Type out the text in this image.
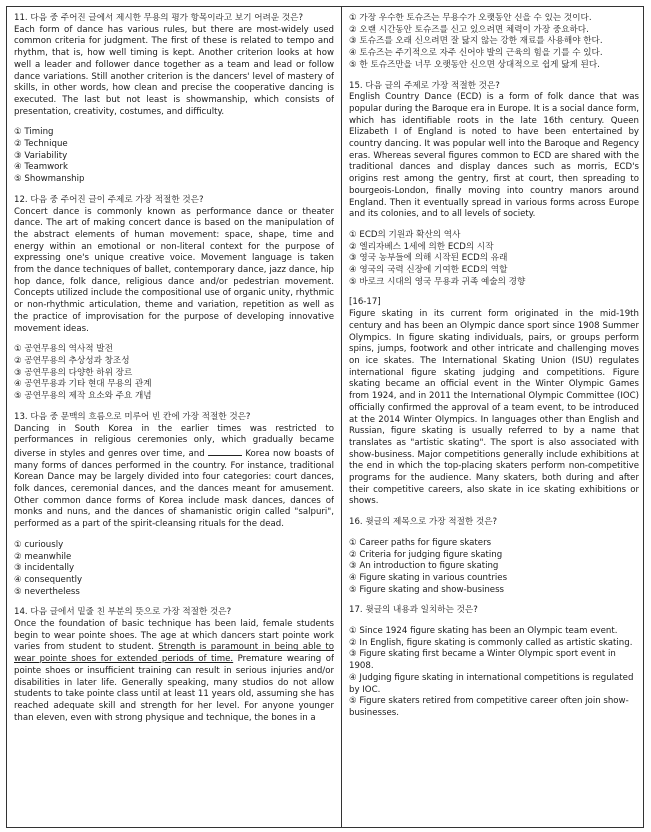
11. 다음 중 주어진 글에서 제시한 무용의 평가 항목이라고 보기 어려운 것은?

Each form of dance has various rules, but there are most-widely used common criteria for judgment. The first of these is related to tempo and rhythm, that is, how well timing is kept. Another criterion looks at how well a leader and follower dance together as a team and lead or follow dance variations. Still another criterion is the dancers' level of mastery of skills, in other words, how clean and precise the cooperative dancing is executed. The last but not least is showmanship, which consists of presentation, creativity, costumes, and difficulty.

① Timing
② Technique
③ Variability
④ Teamwork
⑤ Showmanship

12. 다음 중 주어진 글이 주제로 가장 적절한 것은?

Concert dance is commonly known as performance dance or theater dance. The art of making concert dance is based on the manipulation of the abstract elements of human movement: space, shape, time and energy within an emotional or non-literal context for the purpose of expressing one's unique creative voice. Movement language is taken from the dance techniques of ballet, contemporary dance, jazz dance, hip hop dance, folk dance, religious dance and/or pedestrian movement. Concepts utilized include the compositional use of organic unity, rhythmic or non-rhythmic articulation, theme and variation, repetition as well as the practice of improvisation for the purpose of developing innovative movement ideas.

① 공연무용의 역사적 발전
② 공연무용의 추상성과 창조성
③ 공연무용의 다양한 하위 장르
④ 공연무용과 기타 현대 무용의 관계
⑤ 공연무용의 제작 요소와 주요 개념

13. 다음 중 문맥의 흐름으로 미루어 빈 칸에 가장 적절한 것은?

Dancing in South Korea in the earlier times was restricted to performances in religious ceremonies only, which gradually became diverse in styles and genres over time, and	Korea now boasts of many forms of dances performed in the country. For instance, traditional Korean Dance may be largely divided into four categories: court dances, folk dances, ceremonial dances, and the dances meant for amusement. Other common dance forms of Korea include mask dances, dances of monks and nuns, and the dances of shamanistic origin called "salpuri", performed as a part of the spirit-cleansing rituals for the dead.

① curiously
② meanwhile
③ incidentally
④ consequently
⑤ nevertheless

14. 다음 글에서 밑줄 친 부분의 뜻으로 가장 적절한 것은?

Once the foundation of basic technique has been laid, female students begin to wear pointe shoes. The age at which dancers start pointe work varies from student to student. Strength is paramount in being able to wear pointe shoes for extended periods of time. Premature wearing of pointe shoes or insufficient training can result in serious injuries and/or disabilities in later life. Generally speaking, many studios do not allow students to take pointe class until at least 11 years old, assuming she has reached adequate skill and strength for her level. For anyone younger than eleven, even with strong physique and technique, the bones in a

① 가장 우수한 토슈즈는 무용수가 오랫동안 신을 수 있는 것이다.
② 오랜 시간동안 토슈즈를 신고 있으려면 체력이 가장 중요하다.
③ 토슈즈를 오래 신으려면 잘 닳지 않는 강한 재료를 사용해야 한다.
④ 토슈즈는 주기적으로 자주 신어야 발의 근육의 힘을 기를 수 있다.
⑤ 한 토슈즈만을 너무 오랫동안 신으면 상대적으로 쉽게 닳게 된다.

15. 다음 글의 주제로 가장 적절한 것은?

English Country Dance (ECD) is a form of folk dance that was popular during the Baroque era in Europe. It is a social dance form, which has identifiable roots in the late 16th century. Queen Elizabeth I of England is noted to have been entertained by country dancing. It was popular well into the Baroque and Regency eras. Whereas several figures common to ECD are shared with the traditional dances and display dances such as morris, ECD's origins rest among the gentry, first at court, then spreading to bourgeois-London, finally moving into country manors around England. Then it eventually spread in various forms across Europe and its colonies, and to all levels of society.

① ECD의 기원과 확산의 역사
② 엘리자베스 1세에 의한 ECD의 시작
③ 영국 농부들에 의해 시작된 ECD의 유래
④ 영국의 국력 신장에 기여한 ECD의 역할
⑤ 바로크 시대의 영국 무용과 귀족 예술의 경향

[16-17]

Figure skating in its current form originated in the mid-19th century and has been an Olympic dance sport since 1908 Summer Olympics. In figure skating individuals, pairs, or groups perform spins, jumps, footwork and other intricate and challenging moves on ice skates. The International Skating Union (ISU) regulates international figure skating judging and competitions. Figure skating became an official event in the Winter Olympic Games from 1924, and in 2011 the International Olympic Committee (IOC) officially confirmed the approval of a team event, to be introduced at the 2014 Winter Olympics. In languages other than English and Russian, figure skating is usually referred to by a name that translates as "artistic skating". The sport is also associated with show-business. Major competitions generally include exhibitions at the end in which the top-placing skaters perform non-competitive programs for the audience. Many skaters, both during and after their competitive careers, also skate in ice skating exhibitions or shows.

16. 윗글의 제목으로 가장 적절한 것은?

① Career paths for figure skaters
② Criteria for judging figure skating
③ An introduction to figure skating
④ Figure skating in various countries
⑤ Figure skating and show-business

17. 윗글의 내용과 일치하는 것은?

① Since 1924 figure skating has been an Olympic team event.
② In English, figure skating is commonly called as artistic skating.
③ Figure skating first became a Winter Olympic sport event in 1908.
④ Judging figure skating in international competitions is regulated by IOC.
⑤ Figure skaters retired from competitive career often join show-businesses.
